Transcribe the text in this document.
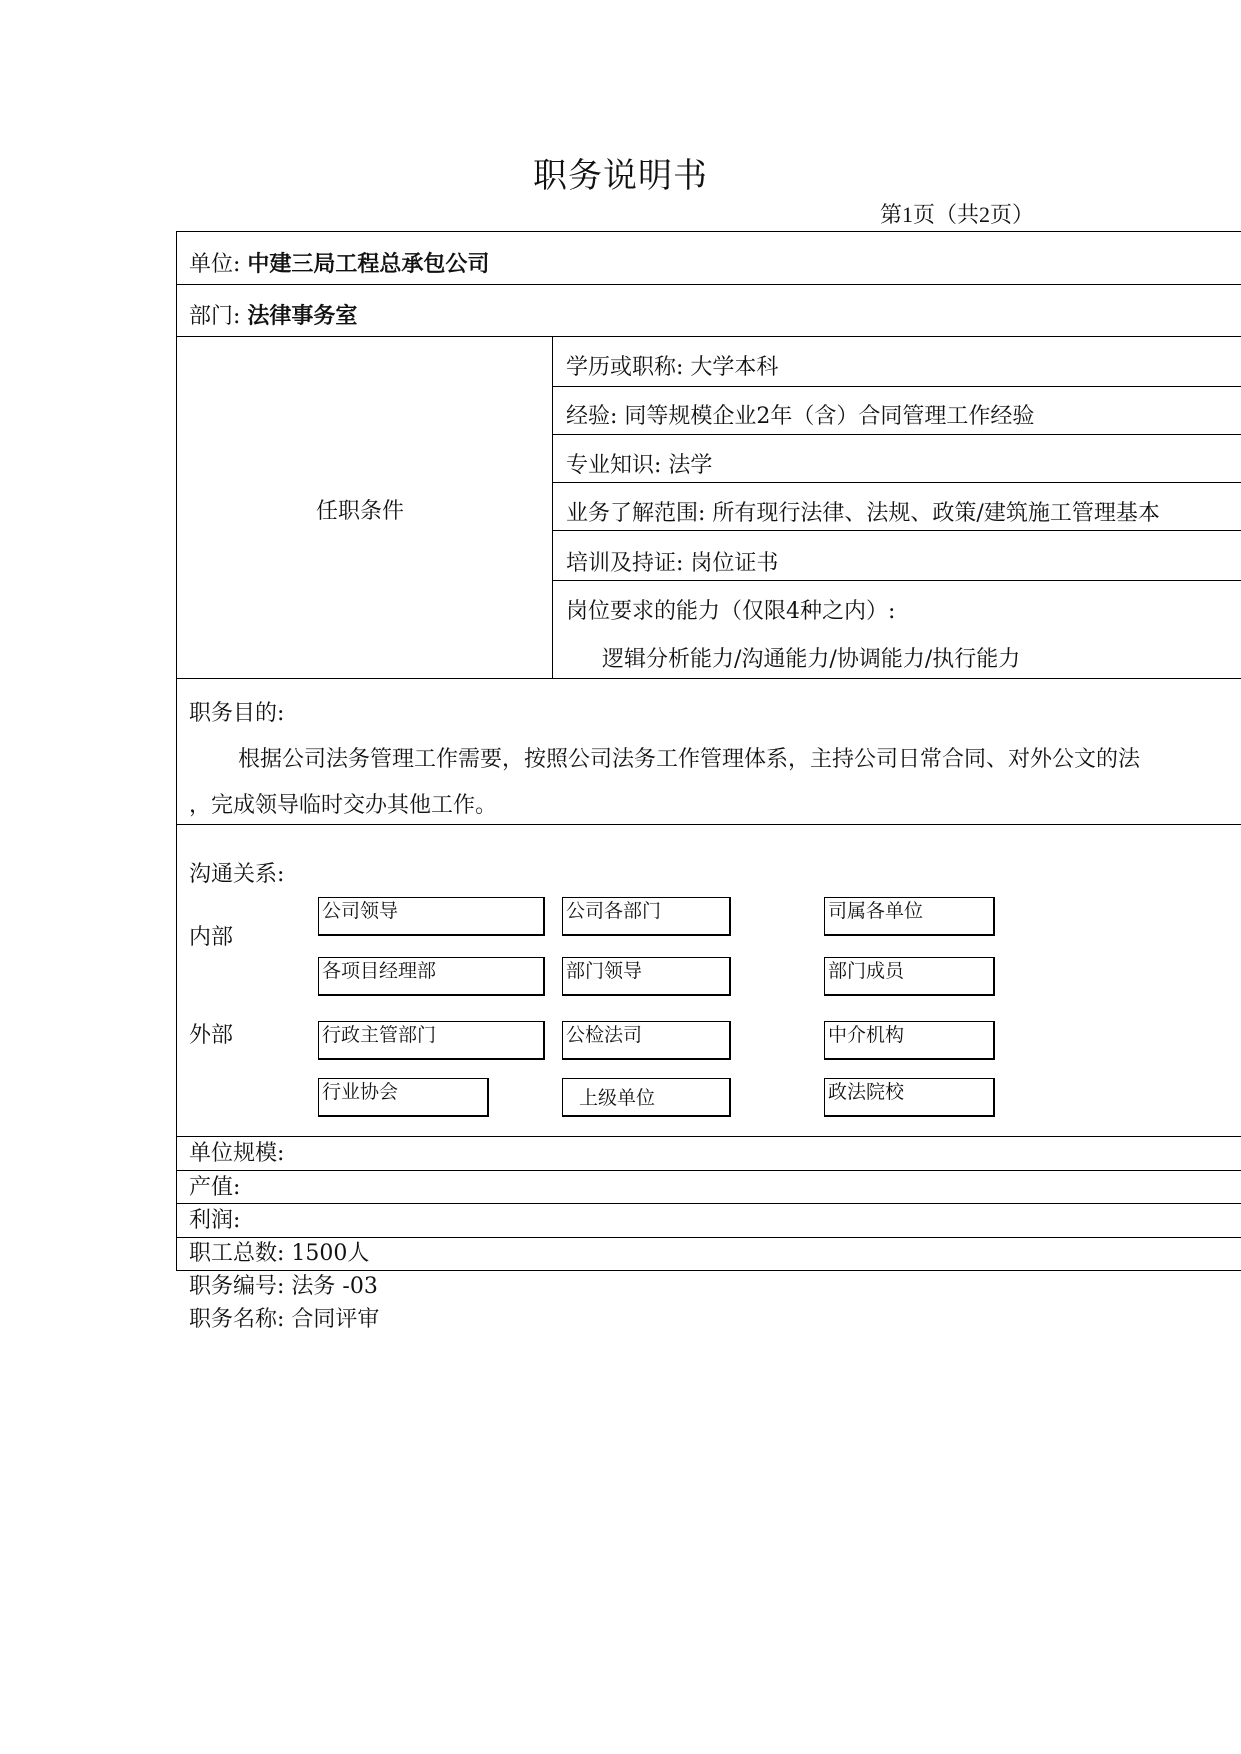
职务说明书
第1页（共2页）
单位: 中建三局工程总承包公司
部门: 法律事务室
任职条件
学历或职称: 大学本科
经验: 同等规模企业2年（含）合同管理工作经验
专业知识: 法学
业务了解范围: 所有现行法律、法规、政策/建筑施工管理基本
培训及持证: 岗位证书
岗位要求的能力（仅限4种之内）:
逻辑分析能力/沟通能力/协调能力/执行能力
职务目的:
根据公司法务管理工作需要，按照公司法务工作管理体系，主持公司日常合同、对外公文的法
，完成领导临时交办其他工作。
沟通关系:
内部
外部
公司领导	公司各部门	司属各单位
各项目经理部	部门领导	部门成员
行政主管部门	公检法司	中介机构
行业协会	上级单位	政法院校
单位规模:
产值:
利润:
职工总数: 1500人
职务编号: 法务 -03
职务名称: 合同评审
